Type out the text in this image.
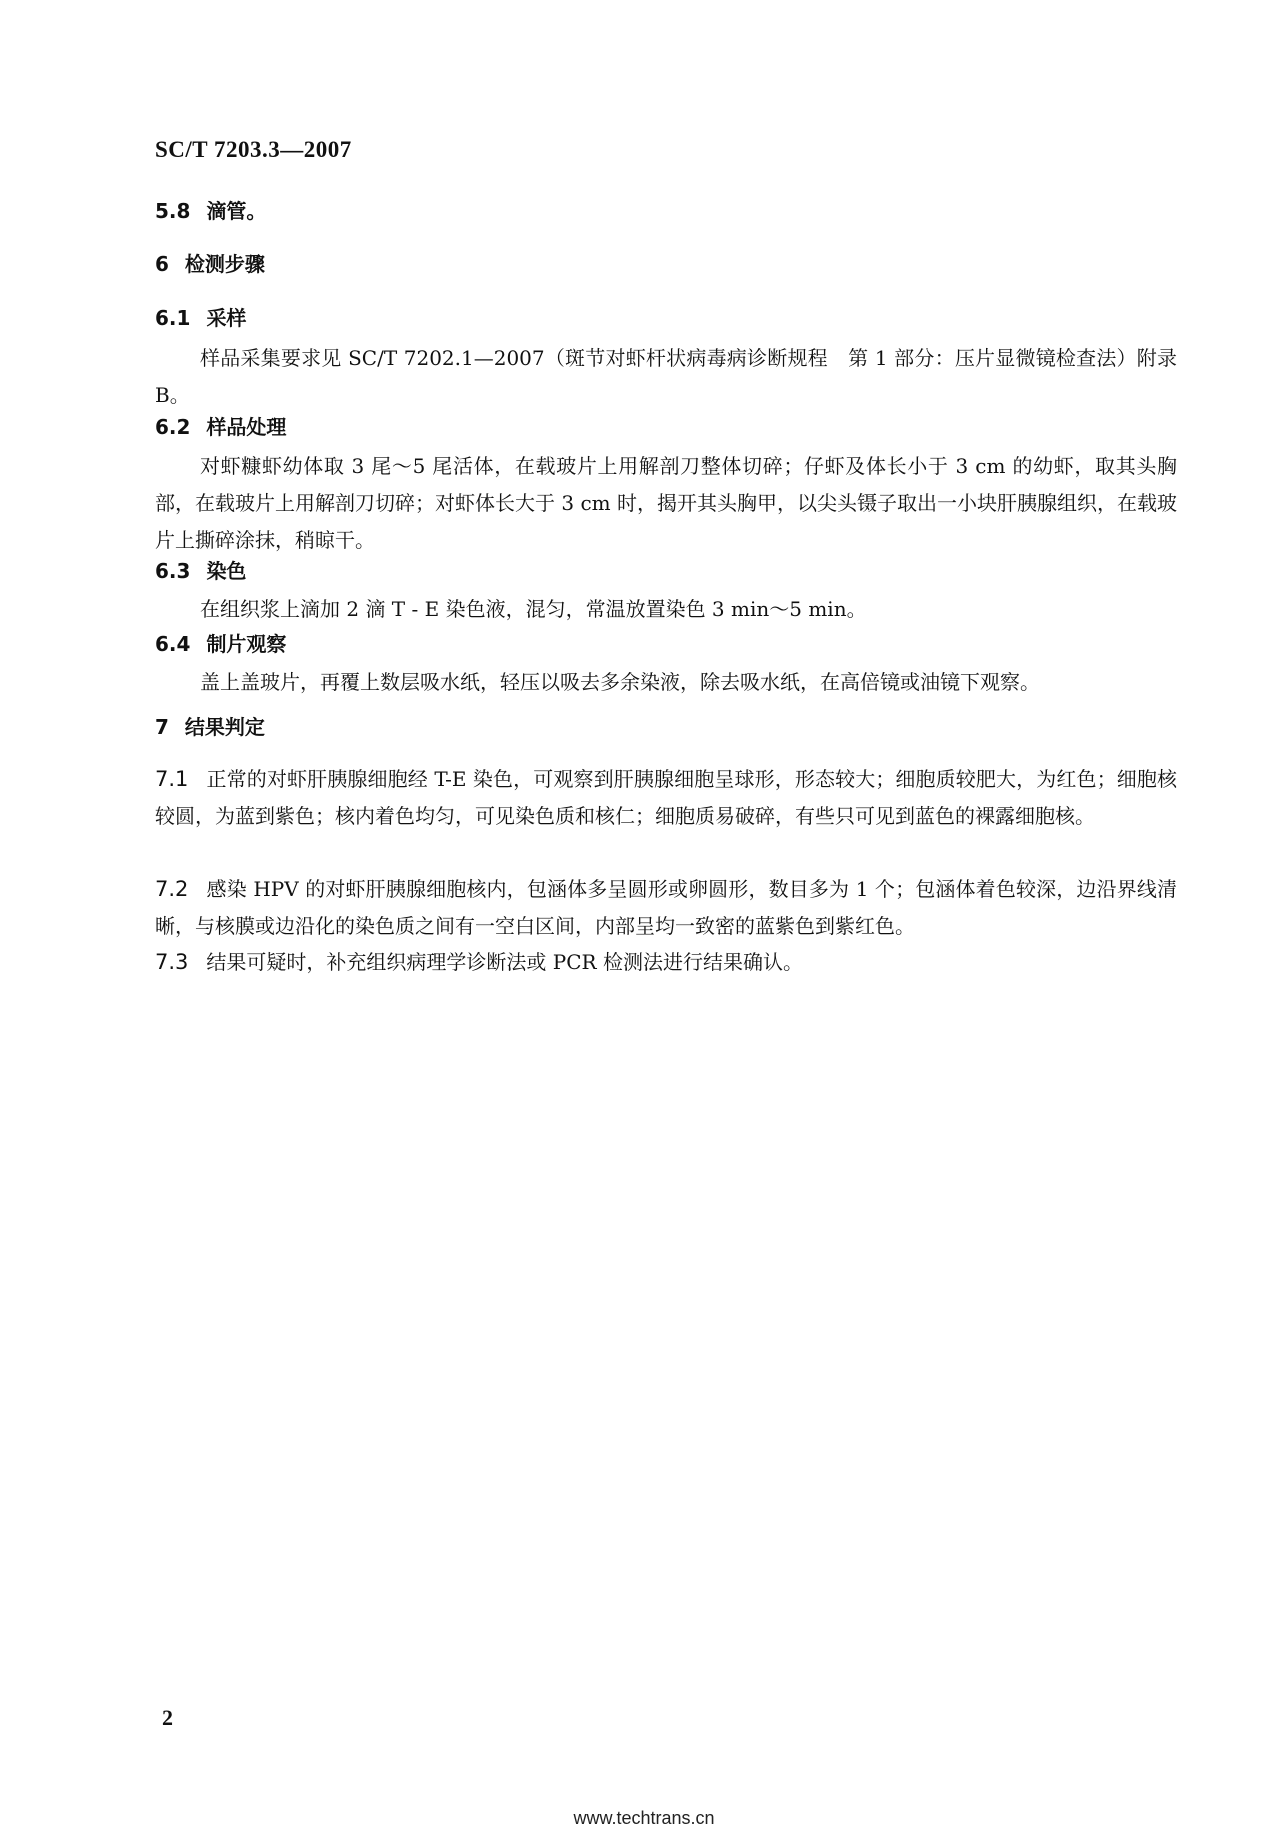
SC/T 7203.3—2007
5.8 滴管。
6 检测步骤
6.1 采样
样品采集要求见 SC/T 7202.1—2007（斑节对虾杆状病毒病诊断规程　第 1 部分：压片显微镜检查法）附录 B。
6.2 样品处理
对虾糠虾幼体取 3 尾～5 尾活体，在载玻片上用解剖刀整体切碎；仔虾及体长小于 3 cm 的幼虾，取其头胸部，在载玻片上用解剖刀切碎；对虾体长大于 3 cm 时，揭开其头胸甲，以尖头镊子取出一小块肝胰腺组织，在载玻片上撕碎涂抹，稍晾干。
6.3 染色
在组织浆上滴加 2 滴 T - E 染色液，混匀，常温放置染色 3 min～5 min。
6.4 制片观察
盖上盖玻片，再覆上数层吸水纸，轻压以吸去多余染液，除去吸水纸，在高倍镜或油镜下观察。
7 结果判定
7.1 正常的对虾肝胰腺细胞经 T-E 染色，可观察到肝胰腺细胞呈球形，形态较大；细胞质较肥大，为红色；细胞核较圆，为蓝到紫色；核内着色均匀，可见染色质和核仁；细胞质易破碎，有些只可见到蓝色的裸露细胞核。
7.2 感染 HPV 的对虾肝胰腺细胞核内，包涵体多呈圆形或卵圆形，数目多为 1 个；包涵体着色较深，边沿界线清晰，与核膜或边沿化的染色质之间有一空白区间，内部呈均一致密的蓝紫色到紫红色。
7.3 结果可疑时，补充组织病理学诊断法或 PCR 检测法进行结果确认。
2
www.techtrans.cn
